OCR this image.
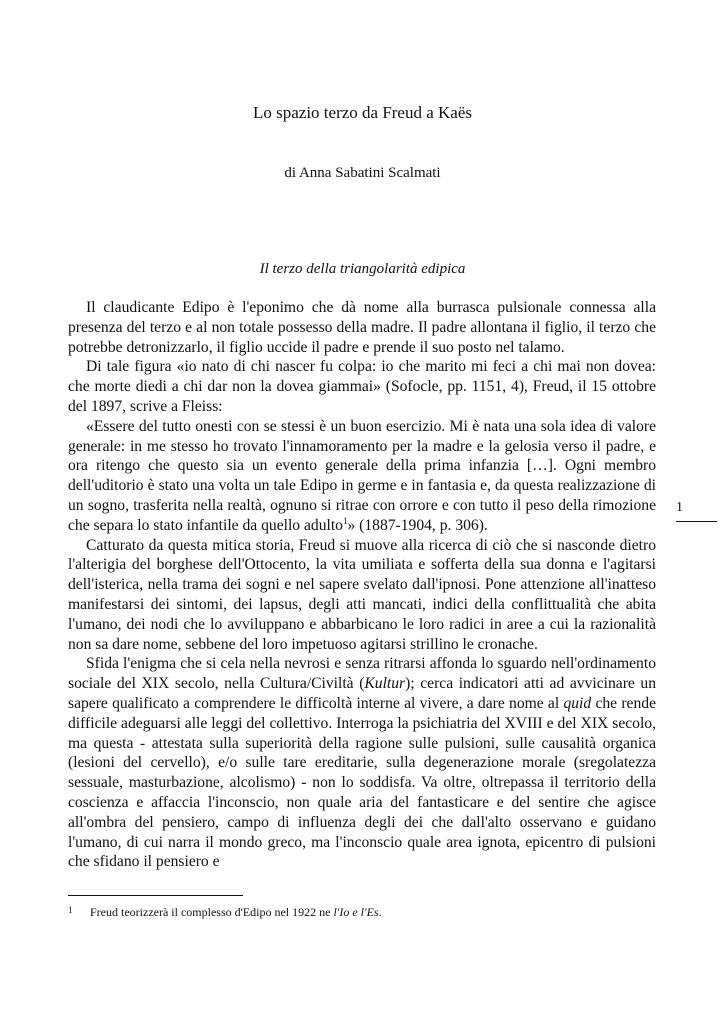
Lo spazio terzo da Freud a Kaës
di Anna Sabatini Scalmati
Il terzo della triangolarità edipica

Il claudicante Edipo è l'eponimo che dà nome alla burrasca pulsionale connessa alla presenza del terzo e al non totale possesso della madre. Il padre allontana il figlio, il terzo che potrebbe detronizzarlo, il figlio uccide il padre e prende il suo posto nel talamo.

Di tale figura «io nato di chi nascer fu colpa: io che marito mi feci a chi mai non dovea: che morte diedi a chi dar non la dovea giammai» (Sofocle, pp. 1151, 4), Freud, il 15 ottobre del 1897, scrive a Fleiss:

«Essere del tutto onesti con se stessi è un buon esercizio. Mi è nata una sola idea di valore generale: in me stesso ho trovato l'innamoramento per la madre e la gelosia verso il padre, e ora ritengo che questo sia un evento generale della prima infanzia […]. Ogni membro dell'uditorio è stato una volta un tale Edipo in germe e in fantasia e, da questa realizzazione di un sogno, trasferita nella realtà, ognuno si ritrae con orrore e con tutto il peso della rimozione che separa lo stato infantile da quello adulto$^1$» (1887-1904, p. 306).

Catturato da questa mitica storia, Freud si muove alla ricerca di ciò che si nasconde dietro l'alterigia del borghese dell'Ottocento, la vita umiliata e sofferta della sua donna e l'agitarsi dell'isterica, nella trama dei sogni e nel sapere svelato dall'ipnosi. Pone attenzione all'inatteso manifestarsi dei sintomi, dei lapsus, degli atti mancati, indici della conflittualità che abita l'umano, dei nodi che lo avviluppano e abbarbicano le loro radici in aree a cui la razionalità non sa dare nome, sebbene del loro impetuoso agitarsi strillino le cronache.

Sfida l'enigma che si cela nella nevrosi e senza ritrarsi affonda lo sguardo nell'ordinamento sociale del XIX secolo, nella Cultura/Civiltà (Kultur); cerca indicatori atti ad avvicinare un sapere qualificato a comprendere le difficoltà interne al vivere, a dare nome al quid che rende difficile adeguarsi alle leggi del collettivo. Interroga la psichiatria del XVIII e del XIX secolo, ma questa - attestata sulla superiorità della ragione sulle pulsioni, sulle causalità organica (lesioni del cervello), e/o sulle tare ereditarie, sulla degenerazione morale (sregolatezza sessuale, masturbazione, alcolismo) - non lo soddisfa. Va oltre, oltrepassa il territorio della coscienza e affaccia l'inconscio, non quale aria del fantasticare e del sentire che agisce all'ombra del pensiero, campo di influenza degli dei che dall'alto osservano e guidano l'umano, di cui narra il mondo greco, ma l'inconscio quale area ignota, epicentro di pulsioni che sfidano il pensiero e

1
1 Freud teorizzerà il complesso d'Edipo nel 1922 ne l'Io e l'Es.
